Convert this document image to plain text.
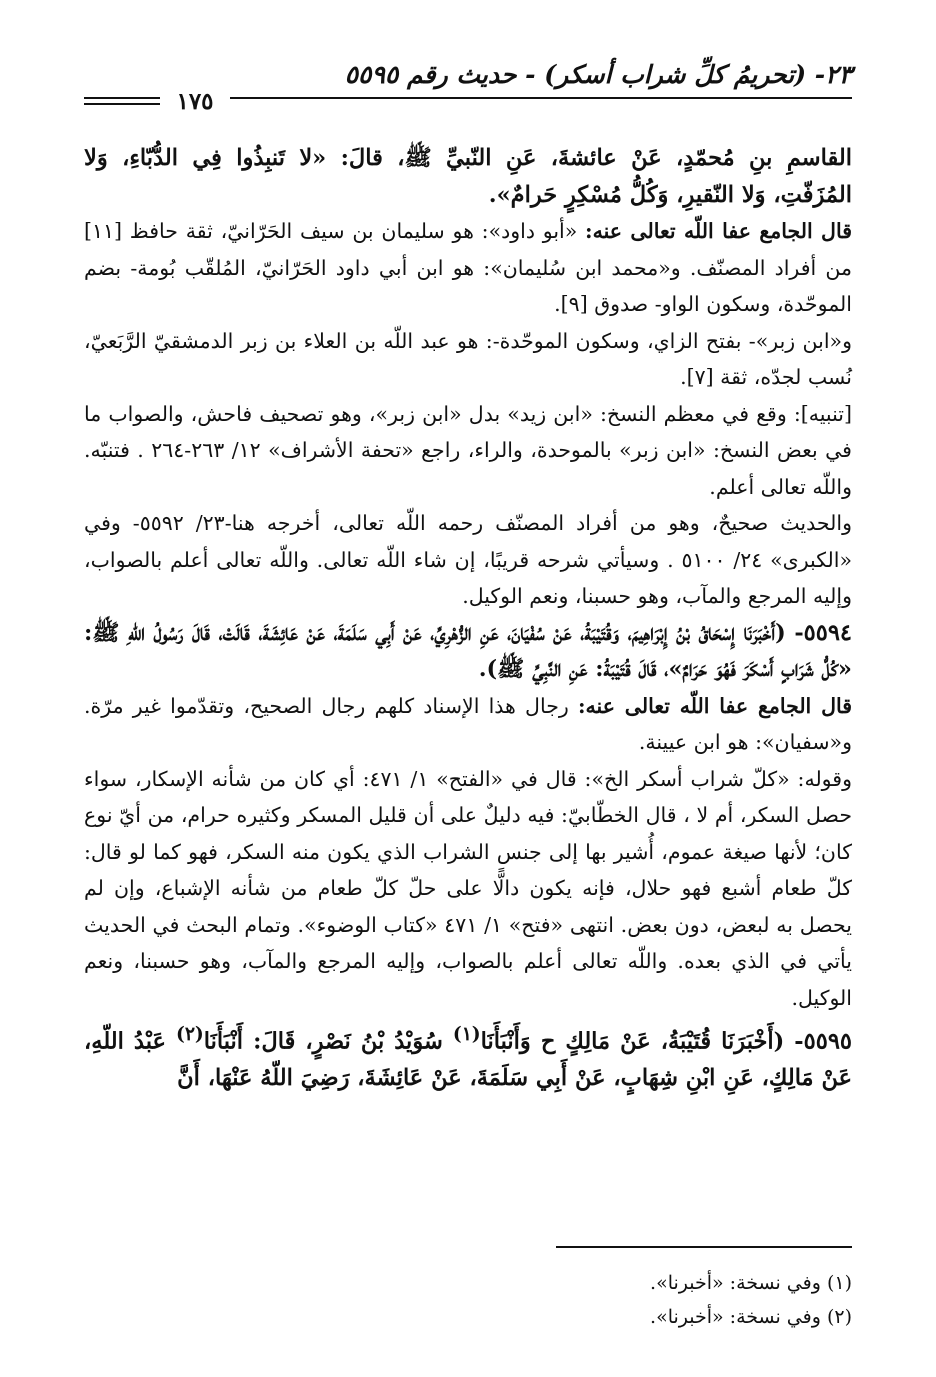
٢٣- (تحريمُ كلِّ شراب أسكر) - حديث رقم ٥٥٩٥
١٧٥

القاسمِ بنِ مُحمّدٍ، عَنْ عائشةَ، عَنِ النّبيِّ ﷺ، قالَ: «لا تَنبِذُوا فِي الدُّبّاءِ، وَلا المُزَفّتِ، وَلا النّقيرِ، وَكُلُّ مُسْكِرٍ حَرامٌ».

قال الجامع عفا اللّه تعالى عنه: «أبو داود»: هو سليمان بن سيف الحَرّانيّ، ثقة حافظ [١١] من أفراد المصنّف. و«محمد ابن سُليمان»: هو ابن أبي داود الحَرّانيّ، المُلقّب بُومة- بضم الموحّدة، وسكون الواو- صدوق [٩].

و«ابن زبر»- بفتح الزاي، وسكون الموحّدة-: هو عبد اللّه بن العلاء بن زبر الدمشقيّ الرَّبَعيّ، نُسب لجدّه، ثقة [٧].

[تنبيه]: وقع في معظم النسخ: «ابن زيد» بدل «ابن زبر»، وهو تصحيف فاحش، والصواب ما في بعض النسخ: «ابن زبر» بالموحدة، والراء، راجع «تحفة الأشراف» ١٢/ ٢٦٣-٢٦٤ . فتنبّه. واللّه تعالى أعلم.

والحديث صحيحٌ، وهو من أفراد المصنّف رحمه اللّه تعالى، أخرجه هنا-٢٣/ ٥٥٩٢- وفي «الكبرى» ٢٤/ ٥١٠٠ . وسيأتي شرحه قريبًا، إن شاء اللّه تعالى. واللّه تعالى أعلم بالصواب، وإليه المرجع والمآب، وهو حسبنا، ونعم الوكيل.

٥٥٩٤- (أَخْبَرَنَا إِسْحَاقُ بْنُ إِبْرَاهِيمَ، وَقُتَيْبَةُ، عَنْ سُفْيَانَ، عَنِ الزُّهْرِيِّ، عَنْ أَبِي سَلَمَةَ، عَنْ عَائِشَةَ، قَالَتْ، قَالَ رَسُولُ اللّهِ ﷺ: «كُلُّ شَرَابٍ أَسْكَرَ فَهُوَ حَرَامٌ»، قَالَ قُتَيْبَةُ: عَنِ النَّبِيِّ ﷺ).

قال الجامع عفا اللّه تعالى عنه: رجال هذا الإسناد كلهم رجال الصحيح، وتقدّموا غير مرّة. و«سفيان»: هو ابن عيينة.

وقوله: «كلّ شراب أسكر الخ»: قال في «الفتح» ١/ ٤٧١: أي كان من شأنه الإسكار، سواء حصل السكر، أم لا ، قال الخطّابيّ: فيه دليلٌ على أن قليل المسكر وكثيره حرام، من أيّ نوع كان؛ لأنها صيغة عموم، أُشير بها إلى جنس الشراب الذي يكون منه السكر، فهو كما لو قال: كلّ طعام أشبع فهو حلال، فإنه يكون دالًّا على حلّ كلّ طعام من شأنه الإشباع، وإن لم يحصل به لبعض، دون بعض. انتهى «فتح» ١/ ٤٧١ «كتاب الوضوء». وتمام البحث في الحديث يأتي في الذي بعده. واللّه تعالى أعلم بالصواب، وإليه المرجع والمآب، وهو حسبنا، ونعم الوكيل.

٥٥٩٥- (أَخْبَرَنَا قُتَيْبَةُ، عَنْ مَالِكٍ ح وَأَنْبَأَنَا$^{(١)}$ سُوَيْدُ بْنُ نَصْرٍ، قَالَ: أَنْبَأَنَا$^{(٢)}$ عَبْدُ اللّهِ، عَنْ مَالِكٍ، عَنِ ابْنِ شِهَابٍ، عَنْ أَبِي سَلَمَةَ، عَنْ عَائِشَةَ، رَضِيَ اللّهُ عَنْهَا، أَنَّ

(١) وفي نسخة: «أخبرنا».

(٢) وفي نسخة: «أخبرنا».
